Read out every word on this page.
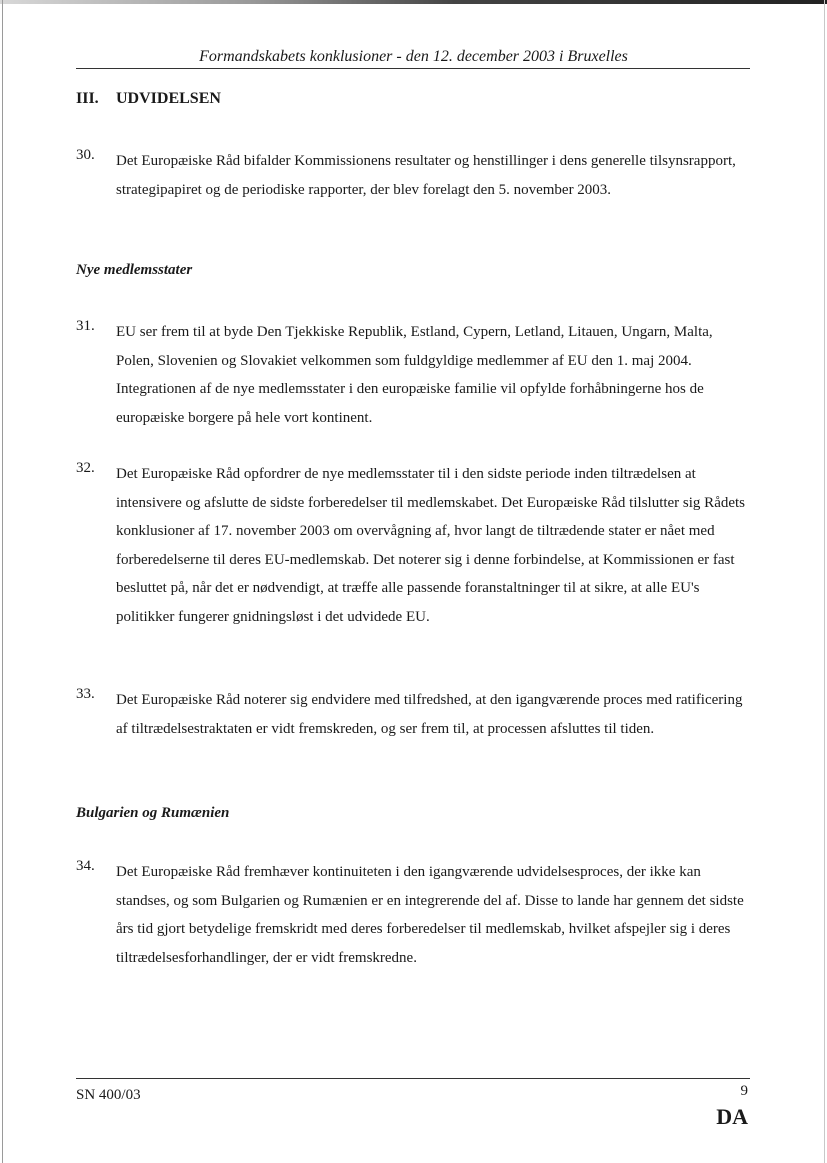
Formandskabets konklusioner - den 12. december 2003 i Bruxelles
III. UDVIDELSEN
30. Det Europæiske Råd bifalder Kommissionens resultater og henstillinger i dens generelle tilsynsrapport, strategipapiret og de periodiske rapporter, der blev forelagt den 5. november 2003.
Nye medlemsstater
31. EU ser frem til at byde Den Tjekkiske Republik, Estland, Cypern, Letland, Litauen, Ungarn, Malta, Polen, Slovenien og Slovakiet velkommen som fuldgyldige medlemmer af EU den 1. maj 2004. Integrationen af de nye medlemsstater i den europæiske familie vil opfylde forhåbningerne hos de europæiske borgere på hele vort kontinent.
32. Det Europæiske Råd opfordrer de nye medlemsstater til i den sidste periode inden tiltrædelsen at intensivere og afslutte de sidste forberedelser til medlemskabet. Det Europæiske Råd tilslutter sig Rådets konklusioner af 17. november 2003 om overvågning af, hvor langt de tiltrædende stater er nået med forberedelserne til deres EU-medlemskab. Det noterer sig i denne forbindelse, at Kommissionen er fast besluttet på, når det er nødvendigt, at træffe alle passende foranstaltninger til at sikre, at alle EU's politikker fungerer gnidningsløst i det udvidede EU.
33. Det Europæiske Råd noterer sig endvidere med tilfredshed, at den igangværende proces med ratificering af tiltrædelsestraktaten er vidt fremskreden, og ser frem til, at processen afsluttes til tiden.
Bulgarien og Rumænien
34. Det Europæiske Råd fremhæver kontinuiteten i den igangværende udvidelsesproces, der ikke kan standses, og som Bulgarien og Rumænien er en integrerende del af. Disse to lande har gennem det sidste års tid gjort betydelige fremskridt med deres forberedelser til medlemskab, hvilket afspejler sig i deres tiltrædelsesforhandlinger, der er vidt fremskredne.
SN 400/03	9
DA
